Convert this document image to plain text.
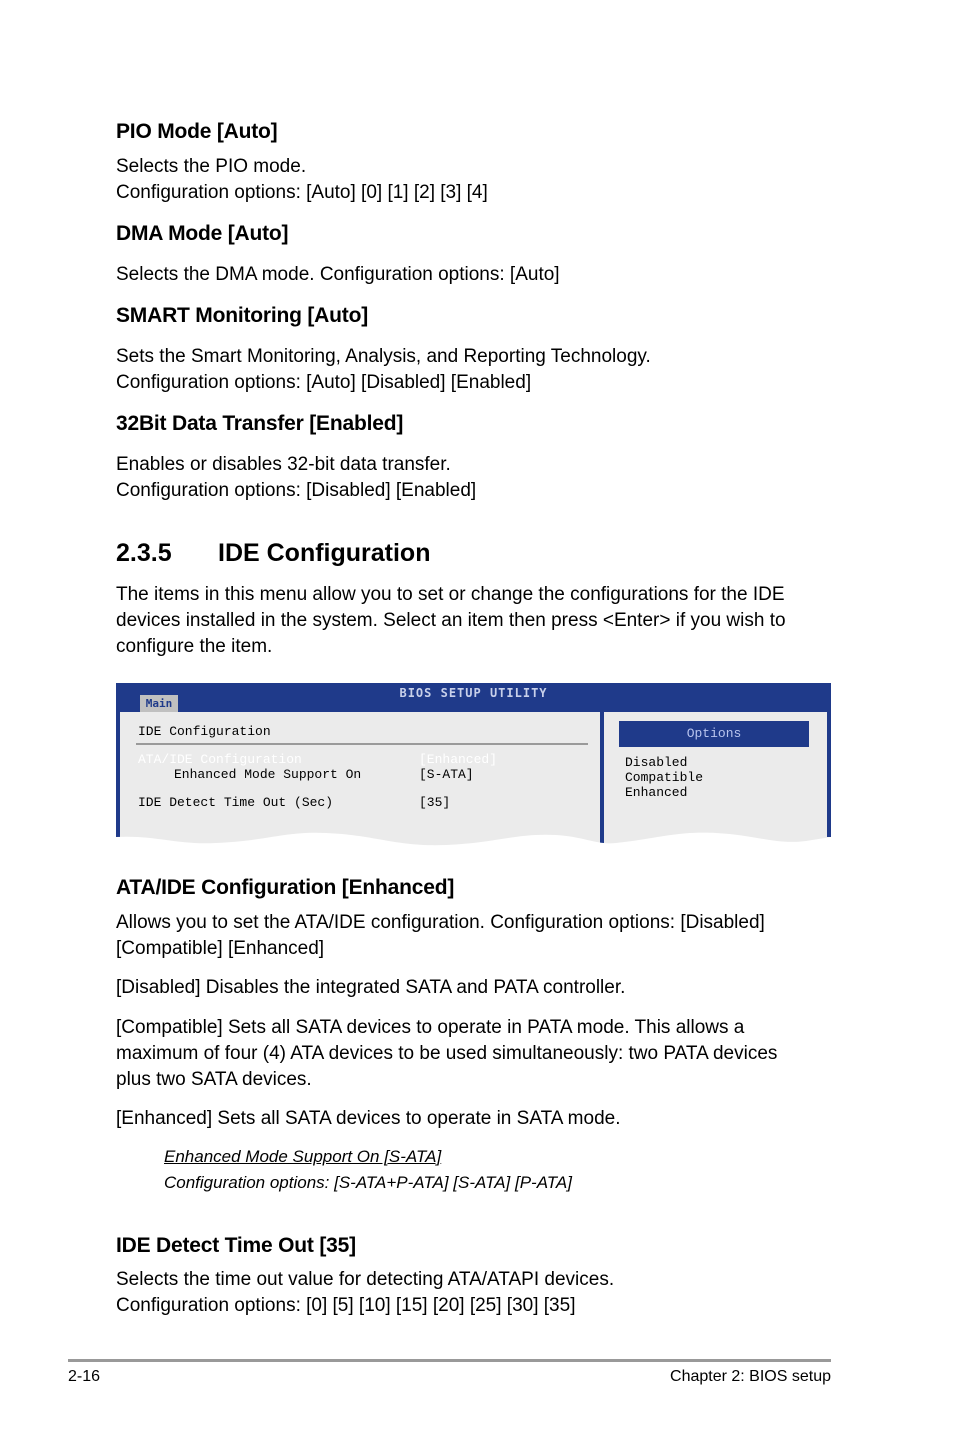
PIO Mode [Auto]
Selects the PIO mode.
Configuration options: [Auto] [0] [1] [2] [3] [4]
DMA Mode [Auto]
Selects the DMA mode. Configuration options: [Auto]
SMART Monitoring [Auto]
Sets the Smart Monitoring, Analysis, and Reporting Technology.
Configuration options: [Auto] [Disabled] [Enabled]
32Bit Data Transfer [Enabled]
Enables or disables 32-bit data transfer.
Configuration options: [Disabled] [Enabled]
2.3.5 IDE Configuration
The items in this menu allow you to set or change the configurations for the IDE
devices installed in the system. Select an item then press <Enter> if you wish to
configure the item.
BIOS SETUP UTILITY
Main
IDE Configuration
ATA/IDE Configuration	[Enhanced]
Enhanced Mode Support On	[S-ATA]
IDE Detect Time Out (Sec)	[35]
Options
Disabled
Compatible
Enhanced
ATA/IDE Configuration [Enhanced]
Allows you to set the ATA/IDE configuration. Configuration options: [Disabled]
[Compatible] [Enhanced]
[Disabled] Disables the integrated SATA and PATA controller.
[Compatible] Sets all SATA devices to operate in PATA mode. This allows a
maximum of four (4) ATA devices to be used simultaneously: two PATA devices
plus two SATA devices.
[Enhanced] Sets all SATA devices to operate in SATA mode.
Enhanced Mode Support On [S-ATA]
Configuration options: [S-ATA+P-ATA] [S-ATA] [P-ATA]
IDE Detect Time Out [35]
Selects the time out value for detecting ATA/ATAPI devices.
Configuration options: [0] [5] [10] [15] [20] [25] [30] [35]
2-16	Chapter 2: BIOS setup
